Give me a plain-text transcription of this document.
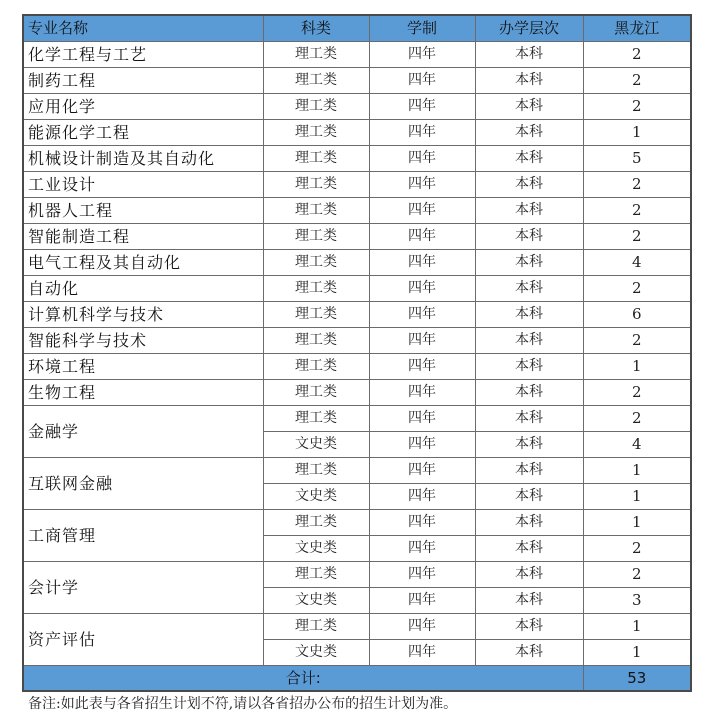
专业名称	科类	学制	办学层次	黑龙江
化学工程与工艺	理工类	四年	本科	2
制药工程	理工类	四年	本科	2
应用化学	理工类	四年	本科	2
能源化学工程	理工类	四年	本科	1
机械设计制造及其自动化	理工类	四年	本科	5
工业设计	理工类	四年	本科	2
机器人工程	理工类	四年	本科	2
智能制造工程	理工类	四年	本科	2
电气工程及其自动化	理工类	四年	本科	4
自动化	理工类	四年	本科	2
计算机科学与技术	理工类	四年	本科	6
智能科学与技术	理工类	四年	本科	2
环境工程	理工类	四年	本科	1
生物工程	理工类	四年	本科	2
金融学	理工类	四年	本科	2
	文史类	四年	本科	4
互联网金融	理工类	四年	本科	1
	文史类	四年	本科	1
工商管理	理工类	四年	本科	1
	文史类	四年	本科	2
会计学	理工类	四年	本科	2
	文史类	四年	本科	3
资产评估	理工类	四年	本科	1
	文史类	四年	本科	1
合计:				53
备注:如此表与各省招生计划不符,请以各省招办公布的招生计划为准。
